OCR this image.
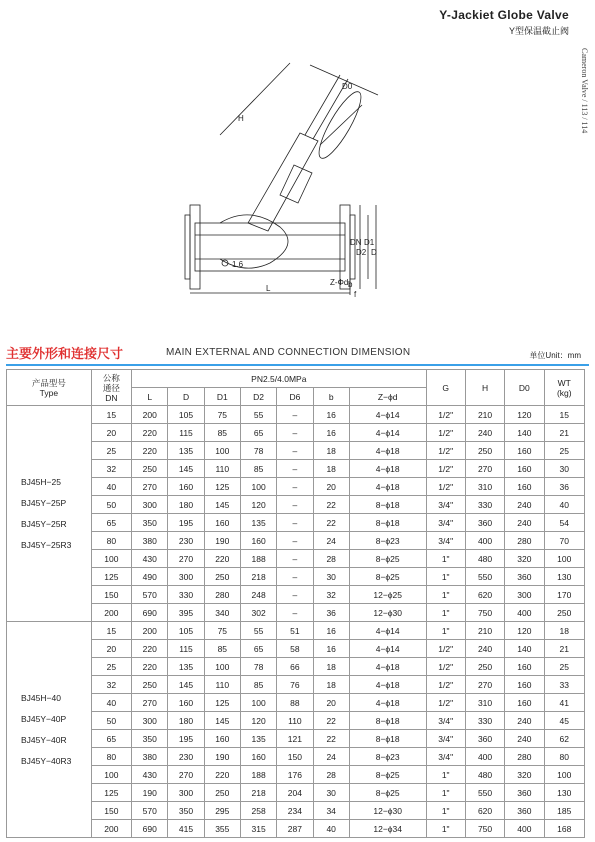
Y-Jackiet Globe Valve
Y型保温截止阀
Cameron Valve / 113 / 114
H
D0
DN
D2
D1
D
Z-Φd b
f
L
1.6
主要外形和连接尺寸	MAIN EXTERNAL AND CONNECTION DIMENSION	单位Unit：mm
产品型号
Type	公称
通径
DN	PN2.5/4.0MPa							G	H	D0	WT
(kg)

		L	D	D1	D2	D6	b	Z−ϕd				

BJ45H−25
BJ45Y−25P
BJ45Y−25R
BJ45Y−25R3	15	200	105	75	55	–	16	4−ϕ14	1/2"	210	120	15
	20	220	115	85	65	–	16	4−ϕ14	1/2"	240	140	21
	25	220	135	100	78	–	18	4−ϕ18	1/2"	250	160	25
	32	250	145	110	85	–	18	4−ϕ18	1/2"	270	160	30
	40	270	160	125	100	–	20	4−ϕ18	1/2"	310	160	36
	50	300	180	145	120	–	22	8−ϕ18	3/4"	330	240	40
	65	350	195	160	135	–	22	8−ϕ18	3/4"	360	240	54
	80	380	230	190	160	–	24	8−ϕ23	3/4"	400	280	70
	100	430	270	220	188	–	28	8−ϕ25	1"	480	320	100
	125	490	300	250	218	–	30	8−ϕ25	1"	550	360	130
	150	570	330	280	248	–	32	12−ϕ25	1"	620	300	170
	200	690	395	340	302	–	36	12−ϕ30	1"	750	400	250

BJ45H−40
BJ45Y−40P
BJ45Y−40R
BJ45Y−40R3	15	200	105	75	55	51	16	4−ϕ14	1"	210	120	18
	20	220	115	85	65	58	16	4−ϕ14	1/2"	240	140	21
	25	220	135	100	78	66	18	4−ϕ18	1/2"	250	160	25
	32	250	145	110	85	76	18	4−ϕ18	1/2"	270	160	33
	40	270	160	125	100	88	20	4−ϕ18	1/2"	310	160	41
	50	300	180	145	120	110	22	8−ϕ18	3/4"	330	240	45
	65	350	195	160	135	121	22	8−ϕ18	3/4"	360	240	62
	80	380	230	190	160	150	24	8−ϕ23	3/4"	400	280	80
	100	430	270	220	188	176	28	8−ϕ25	1"	480	320	100
	125	190	300	250	218	204	30	8−ϕ25	1"	550	360	130
	150	570	350	295	258	234	34	12−ϕ30	1"	620	360	185
	200	690	415	355	315	287	40	12−ϕ34	1"	750	400	168
